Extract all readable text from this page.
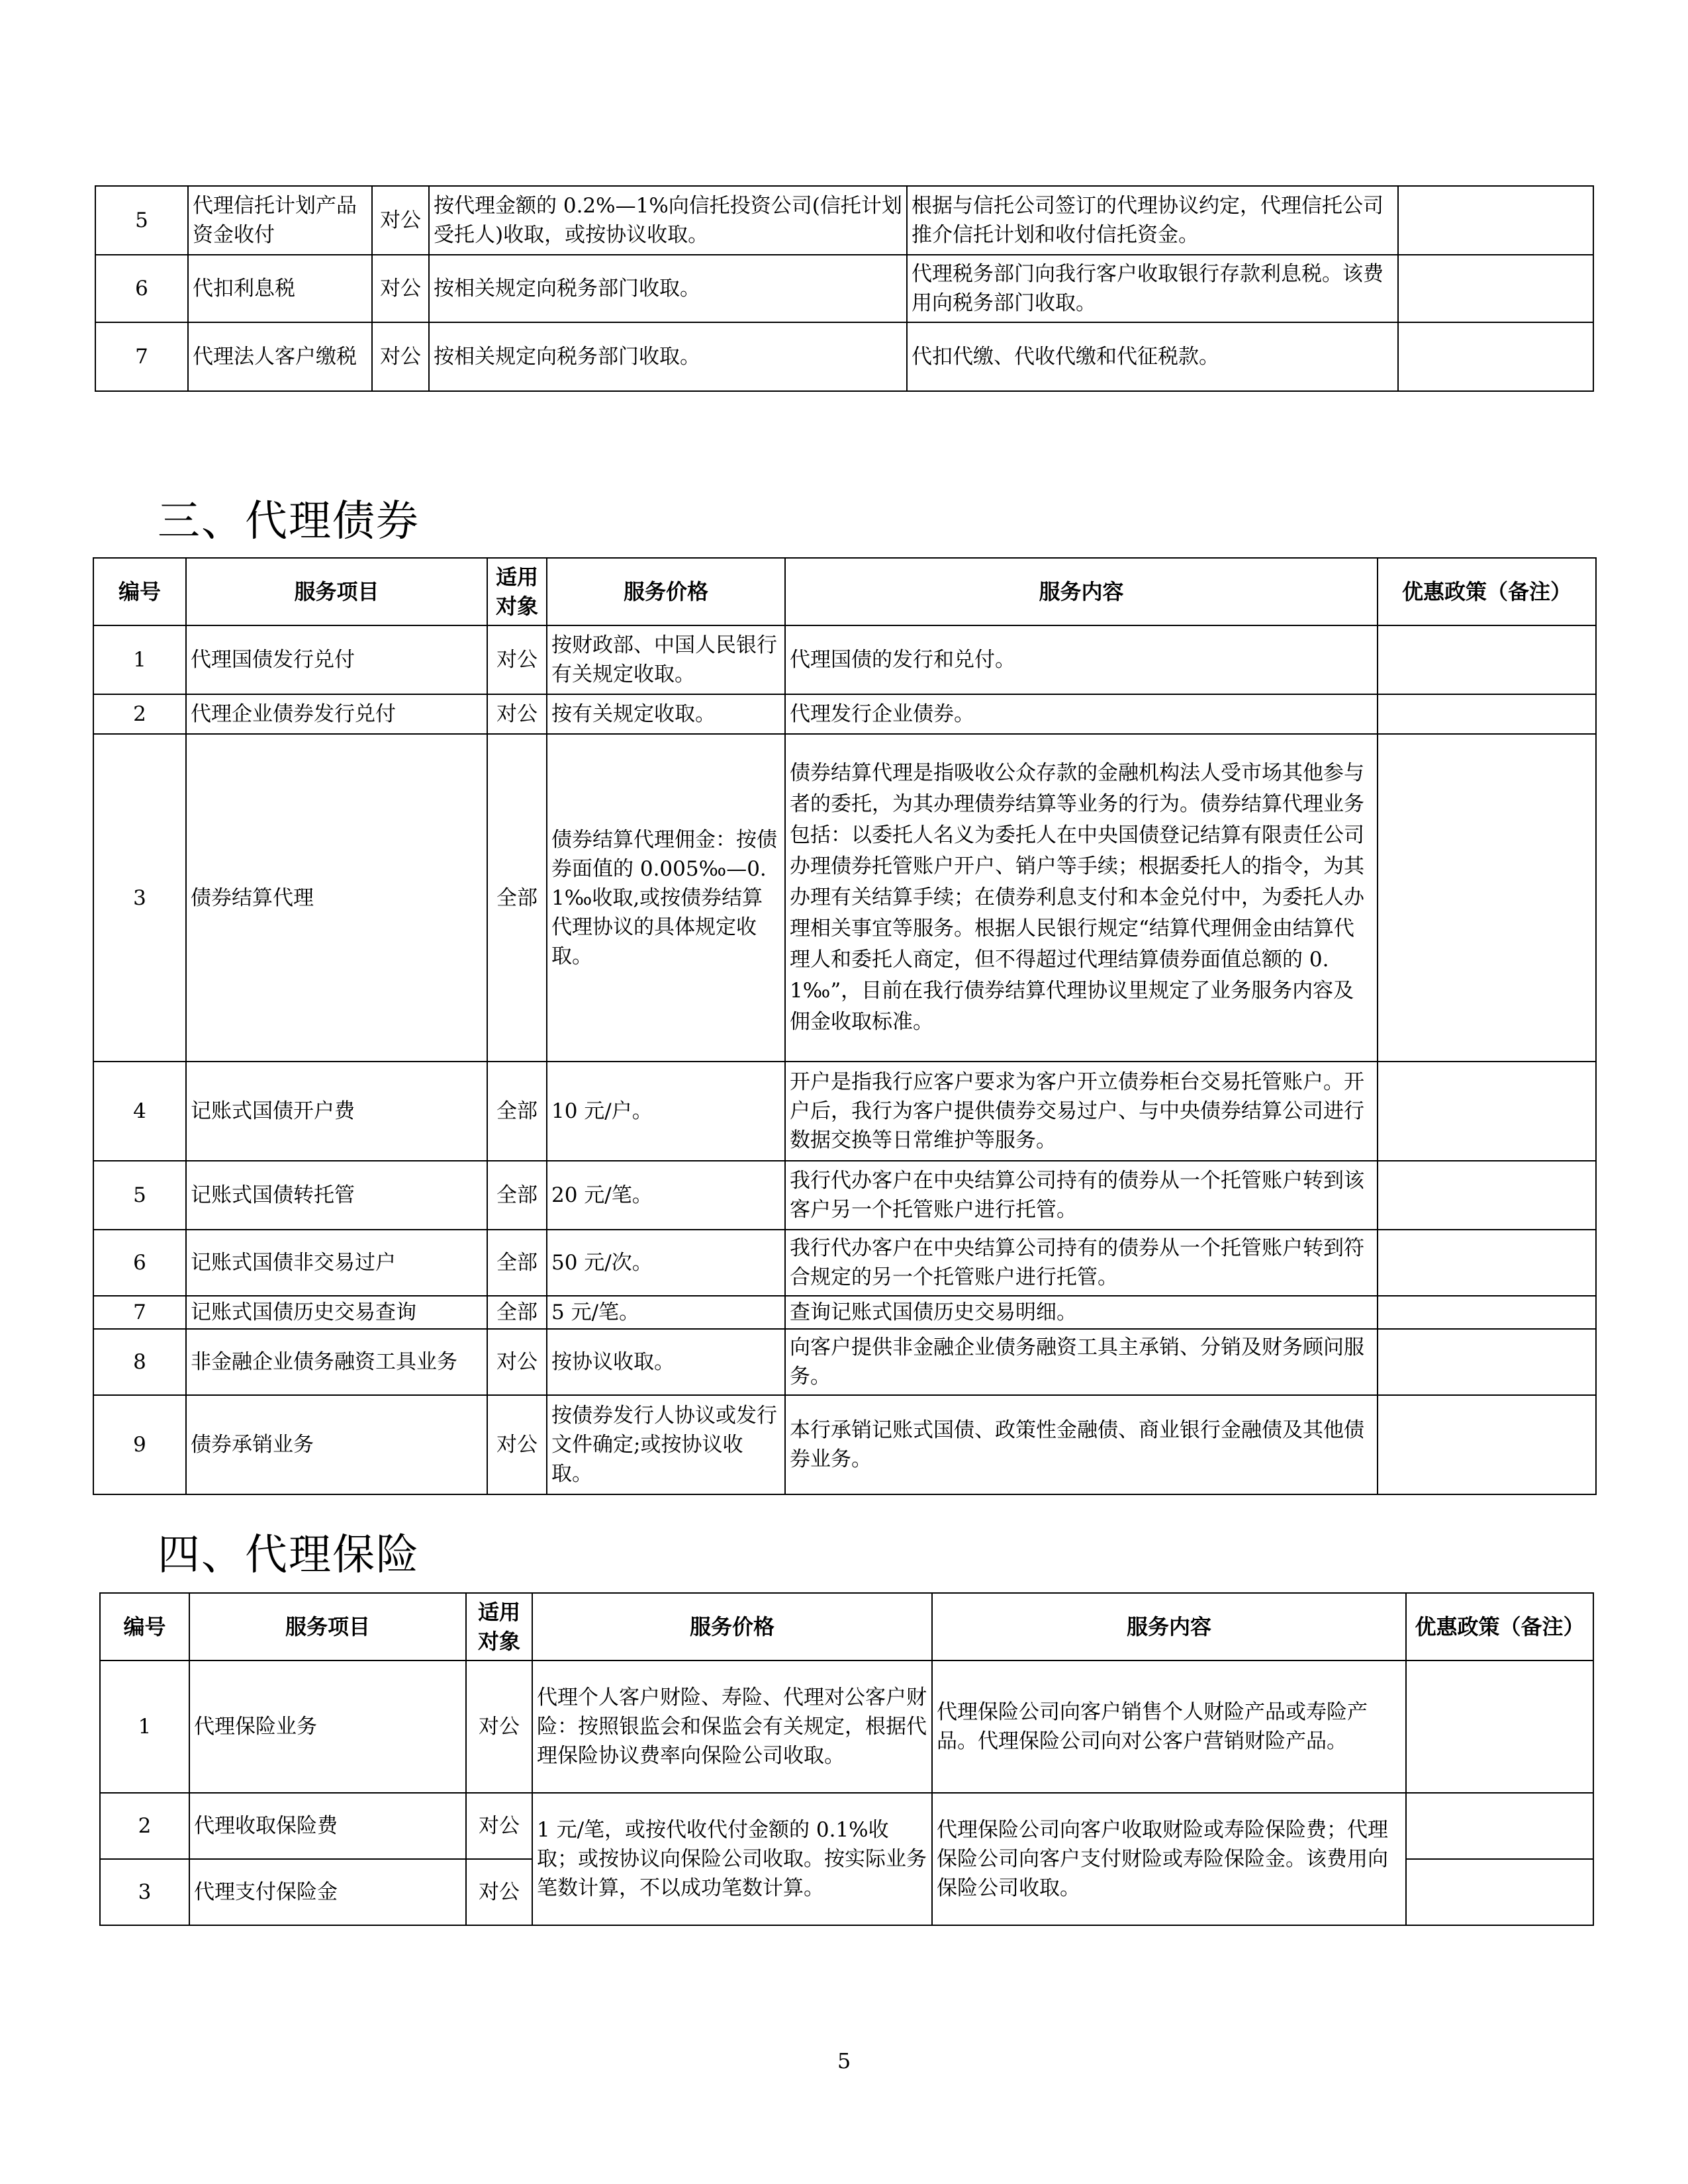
5	代理信托计划产品资金收付	对公	按代理金额的 0.2%—1%向信托投资公司(信托计划受托人)收取，或按协议收取。	根据与信托公司签订的代理协议约定，代理信托公司推介信托计划和收付信托资金。	
6	代扣利息税	对公	按相关规定向税务部门收取。	代理税务部门向我行客户收取银行存款利息税。该费用向税务部门收取。	
7	代理法人客户缴税	对公	按相关规定向税务部门收取。	代扣代缴、代收代缴和代征税款。	
三、代理债券
编号	服务项目	适用对象	服务价格	服务内容	优惠政策（备注）
1	代理国债发行兑付	对公	按财政部、中国人民银行有关规定收取。	代理国债的发行和兑付。	
2	代理企业债券发行兑付	对公	按有关规定收取。	代理发行企业债券。	
3	债券结算代理	全部	债券结算代理佣金：按债券面值的 0.005‰—0.1‰收取,或按债券结算代理协议的具体规定收取。	债券结算代理是指吸收公众存款的金融机构法人受市场其他参与者的委托，为其办理债券结算等业务的行为。债券结算代理业务包括：以委托人名义为委托人在中央国债登记结算有限责任公司办理债券托管账户开户、销户等手续；根据委托人的指令，为其办理有关结算手续；在债券利息支付和本金兑付中，为委托人办理相关事宜等服务。根据人民银行规定“结算代理佣金由结算代理人和委托人商定，但不得超过代理结算债券面值总额的 0.1‰”，目前在我行债券结算代理协议里规定了业务服务内容及佣金收取标准。	
4	记账式国债开户费	全部	10 元/户。	开户是指我行应客户要求为客户开立债券柜台交易托管账户。开户后，我行为客户提供债券交易过户、与中央债券结算公司进行数据交换等日常维护等服务。	
5	记账式国债转托管	全部	20 元/笔。	我行代办客户在中央结算公司持有的债券从一个托管账户转到该客户另一个托管账户进行托管。	
6	记账式国债非交易过户	全部	50 元/次。	我行代办客户在中央结算公司持有的债券从一个托管账户转到符合规定的另一个托管账户进行托管。	
7	记账式国债历史交易查询	全部	5 元/笔。	查询记账式国债历史交易明细。	
8	非金融企业债务融资工具业务	对公	按协议收取。	向客户提供非金融企业债务融资工具主承销、分销及财务顾问服务。	
9	债券承销业务	对公	按债券发行人协议或发行文件确定;或按协议收取。	本行承销记账式国债、政策性金融债、商业银行金融债及其他债券业务。	
四、代理保险
编号	服务项目	适用对象	服务价格	服务内容	优惠政策（备注）
1	代理保险业务	对公	代理个人客户财险、寿险、代理对公客户财险：按照银监会和保监会有关规定，根据代理保险协议费率向保险公司收取。	代理保险公司向客户销售个人财险产品或寿险产品。代理保险公司向对公客户营销财险产品。	
2	代理收取保险费	对公	1 元/笔，或按代收代付金额的 0.1%收取；或按协议向保险公司收取。按实际业务笔数计算，不以成功笔数计算。	代理保险公司向客户收取财险或寿险保险费；代理保险公司向客户支付财险或寿险保险金。该费用向保险公司收取。	
3	代理支付保险金	对公			
5
